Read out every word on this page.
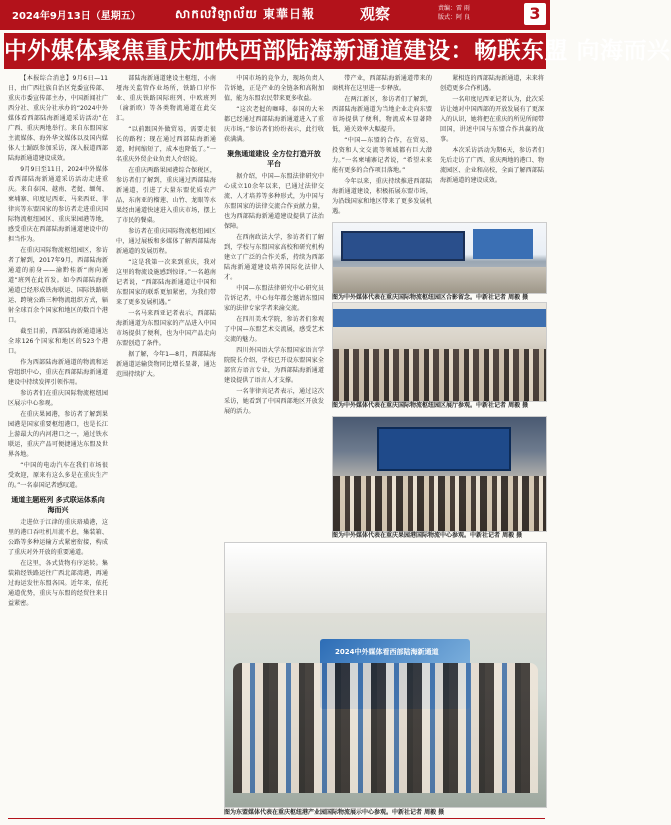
2024年9月13日（星期五）	សាកលវិទ្យាល័យ 東華日報	观察	责编：雷 雨
版式：阿 良	3
中外媒体聚焦重庆加快西部陆海新通道建设：畅联东盟 向海而兴

【本报综合消息】9月6日—11日，由广西壮族自治区党委宣传部、重庆市委宣传部主办，中国新闻社广西分社、重庆分社承办的“2024中外媒体看西部陆海新通道采访活动”在广西、重庆两地举行。来自东盟国家主流媒体、海外华文媒体以及国内媒体人士踊跃参加采访，深入报道西部陆海新通道建设成效。

9月9日至11日，2024中外媒体看西部陆海新通道采访活动走进重庆。来自泰国、越南、老挝、缅甸、柬埔寨、印度尼西亚、马来西亚、菲律宾等东盟国家的参访者走进重庆国际物流枢纽园区、重庆果园港等地，感受重庆在西部陆海新通道建设中的担当作为。

在重庆国际物流枢纽园区，参访者了解到，2017年9月，西部陆海新通道的前身——渝黔桂新“南向通道”班列在此首发。如今西部陆海新通道已经形成铁海联运、国际铁路联运、跨境公路三种物流组织方式，辐射全球百余个国家和地区的数百个港口。

截至目前，西部陆海新通道通达全球126个国家和地区的523个港口。

作为西部陆海新通道的物流和运营组织中心，重庆在西部陆海新通道建设中持续发挥引领作用。

参访者们在重庆国际物流枢纽园区展示中心参观。

在重庆果园港，参访者了解到果园港是国家重要枢纽港口，也是长江上游最大的内河港口之一，通过铁水联运，重庆产品可便捷通达东盟及世界各地。

“中国的电动汽车在我们市场很受欢迎，原来有这么多是在重庆生产的。”一名泰国记者感叹道。

通道主题班列 多式联运体系向海而兴

走进位于江津的重庆珞璜港，这里的港口吞吐机川流不息，集装箱、公路等多种运输方式紧密衔接，构成了重庆对外开放的重要通道。

在这里，各式货物有序运转。集装箱经铁路运往广西北部湾港，再通过海运发往东盟各国。近年来，依托通道优势，重庆与东盟的经贸往来日益紧密。

部陆海新通道建设主枢纽，小南垭海关监管作业场所，铁路口岸作业、重庆铁路国际班列、中欧班列（渝新欧）等各类物流通道在此交汇。

“以前跟国外做贸易，需要走很长的路程；现在通过西部陆海新通道，时间缩短了，成本也降低了。”一名重庆外贸企业负责人介绍说。

在重庆两路果园港综合保税区，参访者们了解到，重庆通过西部陆海新通道，引进了大量东盟优质农产品，东南亚的榴莲、山竹、龙眼等水果经由通道快速进入重庆市场，摆上了市民的餐桌。

参访者在重庆国际物流枢纽园区中，通过展板和多媒体了解西部陆海新通道的发展历程。

“这是我第一次来到重庆，我对这里的物流设施感到惊讶。”一名越南记者说，“西部陆海新通道让中国和东盟国家的联系更加紧密，为我们带来了更多发展机遇。”

一名马来西亚记者表示，西部陆海新通道为东盟国家的产品进入中国市场提供了便利，也为中国产品走向东盟创造了条件。

据了解，今年1—8月，西部陆海新通道运输货物同比增长显著，通达范围持续扩大。

中国市场的竞争力，现场负责人告诉她，正是产业的全链条和高附加值，能为东盟农民带来更多收益。

“这次老挝的咖啡、泰国的大米都已经通过西部陆海新通道进入了重庆市场。”参访者们纷纷表示，此行收获满满。

聚焦通道建设 全方位打造开放平台

据介绍，中国—东盟法律研究中心成立10余年以来，已通过法律交流、人才培养等多种形式，为中国与东盟国家的法律交流合作贡献力量，也为西部陆海新通道建设提供了法治保障。

在西南政法大学，参访者们了解到，学校与东盟国家高校和研究机构建立了广泛的合作关系，持续为西部陆海新通道建设培养国际化法律人才。

中国—东盟法律研究中心研究员告诉记者，中心每年都会邀请东盟国家的法律专家学者来渝交流。

在四川美术学院，参访者们参观了中国—东盟艺术交流展，感受艺术交流的魅力。

四川外国语大学东盟国家语言学院院长介绍，学校已开设东盟国家全部官方语言专业，为西部陆海新通道建设提供了语言人才支撑。

一名菲律宾记者表示，通过这次采访，她看到了中国西部地区开放发展的活力。

带产业，西部陆海新通道带来的商机将在这里进一步释放。

在两江新区，参访者们了解到，西部陆海新通道为当地企业走向东盟市场提供了便利，物流成本显著降低，通关效率大幅提升。

“中国—东盟的合作，在贸易、投资和人文交流等领域都有巨大潜力。”一名柬埔寨记者说，“希望未来能有更多的合作项目落地。”

今年以来，重庆持续推进西部陆海新通道建设，积极拓展东盟市场，为沿线国家和地区带来了更多发展机遇。

紧相连的西部陆海新通道，未来将创造更多合作机遇。

一名印度尼西亚记者认为，此次采访让她对中国西部的开放发展有了更深入的认识，她将把在重庆的所见所闻带回国，讲述中国与东盟合作共赢的故事。

本次采访活动为期6天，参访者们先后走访了广西、重庆两地的港口、物流园区、企业和高校，全面了解西部陆海新通道的建设成效。

图为中外媒体代表在重庆国际物流枢纽园区合影留念。中新社记者 周毅 摄
图为中外媒体代表在重庆国际物流枢纽园区展厅参观。中新社记者 周毅 摄
图为中外媒体代表在重庆果园港国际物流中心参观。中新社记者 周毅 摄
2024中外媒体看西部陆海新通道
图为东盟媒体代表在重庆枢纽港产业园国际物流展示中心参观。中新社记者 周毅 摄
